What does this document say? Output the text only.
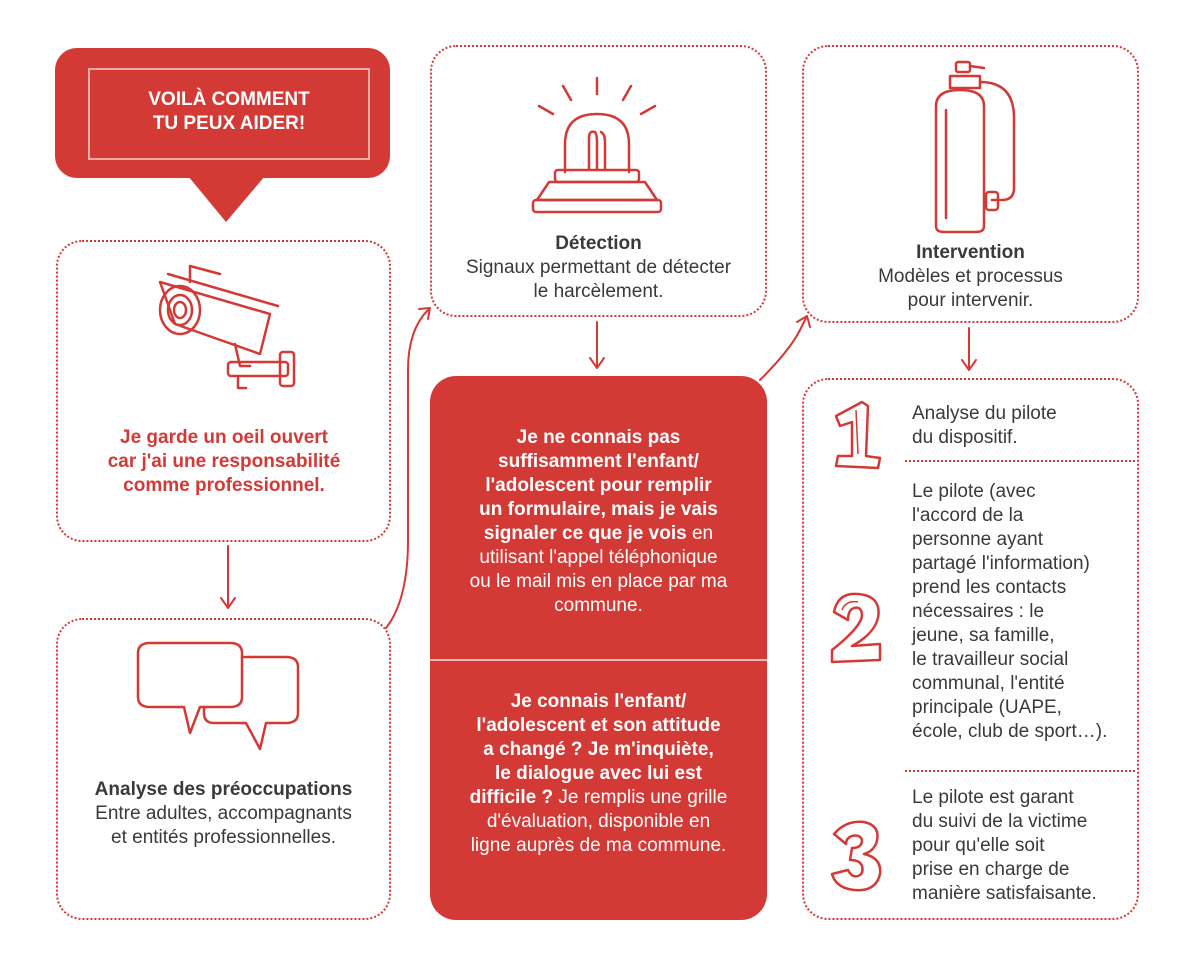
VOILÀ COMMENT
TU PEUX AIDER!
Je garde un oeil ouvert
car j'ai une responsabilité
comme professionnel.
Analyse des préoccupations
Entre adultes, accompagnants
et entités professionnelles.
Détection
Signaux permettant de détecter
le harcèlement.
Je ne connais pas
suffisamment l'enfant/
l'adolescent pour remplir
un formulaire, mais je vais
signaler ce que je vois en
utilisant l'appel téléphonique
ou le mail mis en place par ma
commune.
Je connais l'enfant/
l'adolescent et son attitude
a changé ? Je m'inquiète,
le dialogue avec lui est
difficile ? Je remplis une grille
d'évaluation, disponible en
ligne auprès de ma commune.
Intervention
Modèles et processus
pour intervenir.
Analyse du pilote
du dispositif.
Le pilote (avec
l'accord de la
personne ayant
partagé l'information)
prend les contacts
nécessaires : le
jeune, sa famille,
le travailleur social
communal, l'entité
principale (UAPE,
école, club de sport…).
Le pilote est garant
du suivi de la victime
pour qu'elle soit
prise en charge de
manière satisfaisante.
